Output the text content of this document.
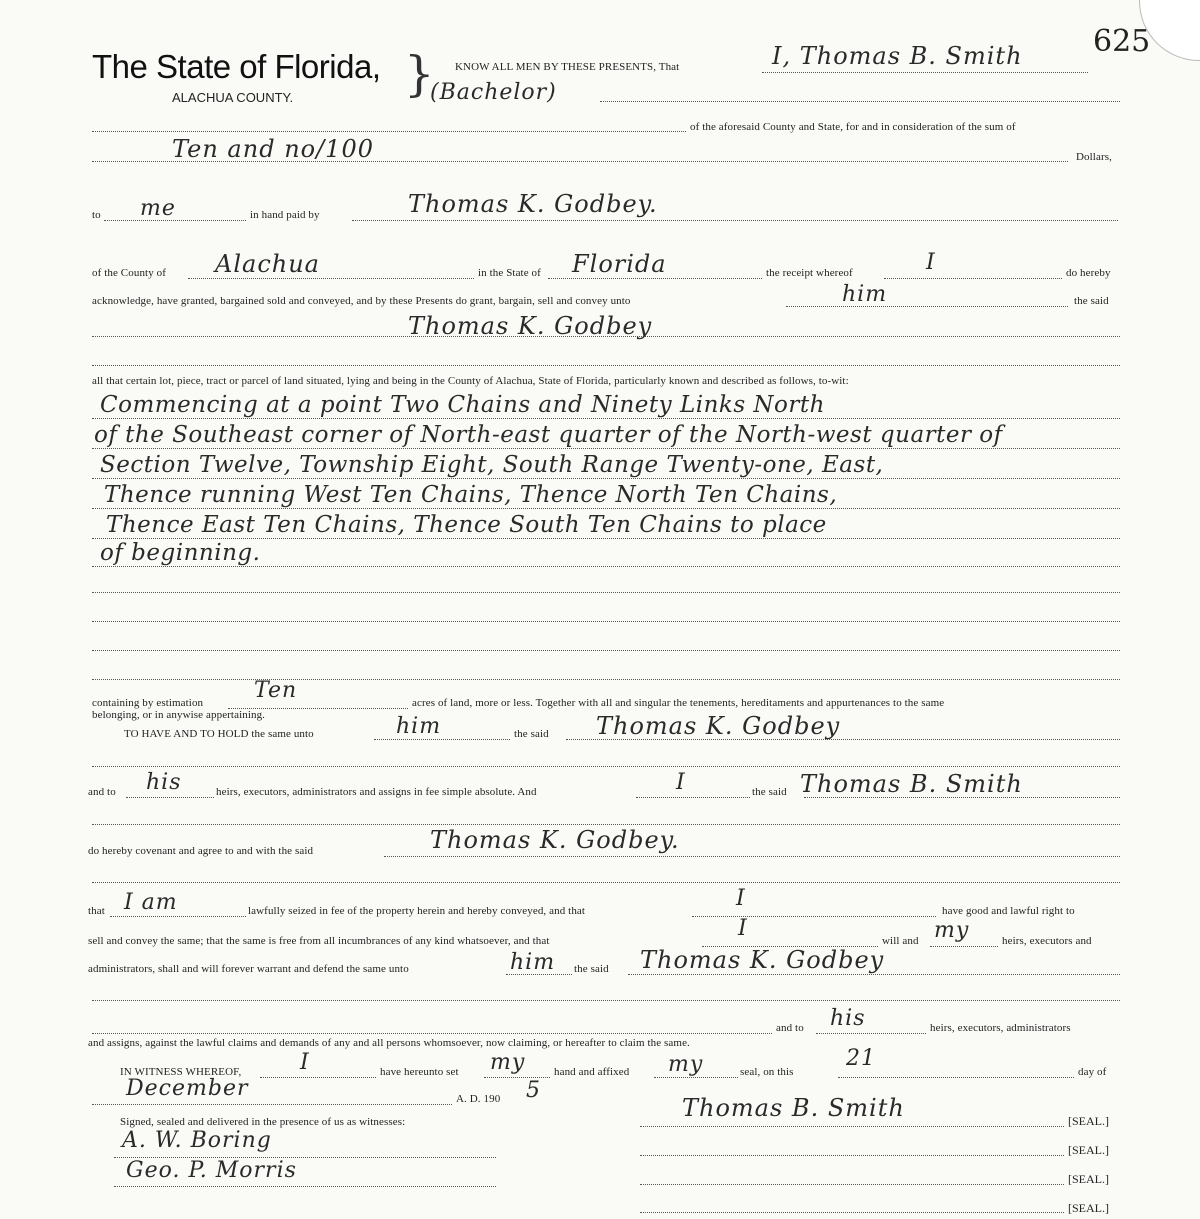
625
The State of Florida,
ALACHUA COUNTY. } KNOW ALL MEN BY THESE PRESENTS, That	I, Thomas B. Smith
(Bachelor)
of the aforesaid County and State, for and in consideration of the sum of
Ten and no/100	Dollars,
to me	in hand paid by	Thomas K. Godbey.
of the County of Alachua	in the State of Florida	the receipt whereof	I	do hereby
acknowledge, have granted, bargained sold and conveyed, and by these Presents do grant, bargain, sell and convey unto	him	the said
Thomas K. Godbey
all that certain lot, piece, tract or parcel of land situated, lying and being in the County of Alachua, State of Florida, particularly known and described as follows, to-wit:
Commencing at a point Two Chains and Ninety Links North
of the Southeast corner of North-east quarter of the North-west quarter of
Section Twelve, Township Eight, South Range Twenty-one, East,
Thence running West Ten Chains, Thence North Ten Chains,
Thence East Ten Chains, Thence South Ten Chains to place
of beginning.
containing by estimation Ten	acres of land, more or less. Together with all and singular the tenements, hereditaments and appurtenances to the same
belonging, or in anywise appertaining.
TO HAVE AND TO HOLD the same unto	him	the said Thomas K. Godbey
and to his	heirs, executors, administrators and assigns in fee simple absolute. And	I	the said Thomas B. Smith
do hereby covenant and agree to and with the said	Thomas K. Godbey.
that I am	lawfully seized in fee of the property herein and hereby conveyed, and that	I	have good and lawful right to
sell and convey the same; that the same is free from all incumbrances of any kind whatsoever, and that	I	will and my	heirs, executors and
administrators, shall and will forever warrant and defend the same unto	him the said Thomas K. Godbey
and to his	heirs, executors, administrators
and assigns, against the lawful claims and demands of any and all persons whomsoever, now claiming, or hereafter to claim the same.
IN WITNESS WHEREOF,	I	have hereunto set my	hand and affixed my	seal, on this
21
day of
December	A. D. 190 5
Signed, sealed and delivered in the presence of us as witnesses:	Thomas B. Smith	[SEAL.]
A. W. Boring	[SEAL.]
Geo. P. Morris	[SEAL.]
[SEAL.]
